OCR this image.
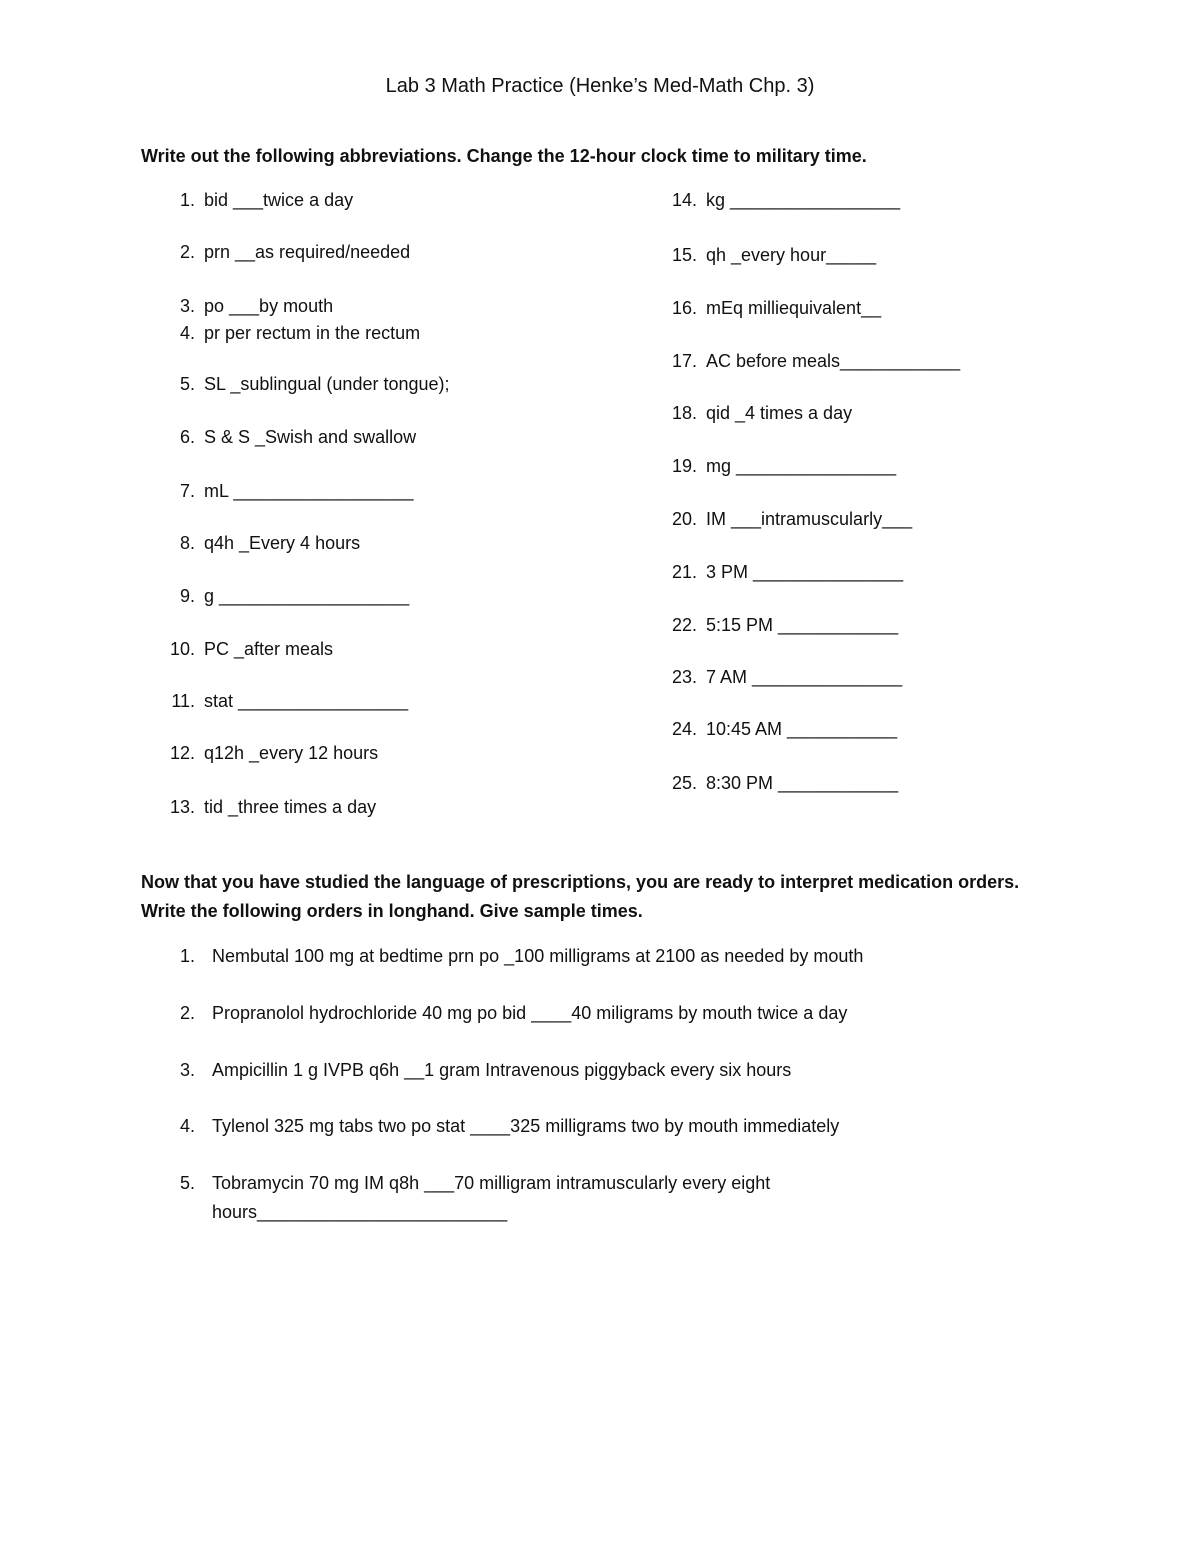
Lab 3 Math Practice (Henke’s Med-Math Chp. 3)
Write out the following abbreviations. Change the 12-hour clock time to military time.
1. bid ___twice a day
2. prn __as required/needed
3. po ___by mouth
4. pr per rectum in the rectum
5. SL _sublingual (under tongue);
6. S & S _Swish and swallow
7. mL __________________
8. q4h _Every 4 hours
9. g ___________________
10. PC _after meals
11. stat _________________
12. q12h _every 12 hours
13. tid _three times a day
14. kg _________________
15. qh _every hour_____
16. mEq milliequivalent__
17. AC before meals____________
18. qid _4 times a day
19. mg ________________
20. IM ___intramuscularly___
21. 3 PM _______________
22. 5:15 PM ____________
23. 7 AM _______________
24. 10:45 AM ___________
25. 8:30 PM ____________
Now that you have studied the language of prescriptions, you are ready to interpret medication orders. Write the following orders in longhand. Give sample times.
1. Nembutal 100 mg at bedtime prn po _100 milligrams at 2100 as needed by mouth
2. Propranolol hydrochloride 40 mg po bid ____40 miligrams by mouth twice a day
3. Ampicillin 1 g IVPB q6h __1 gram Intravenous piggyback every six hours
4. Tylenol 325 mg tabs two po stat ____325 milligrams two by mouth immediately
5. Tobramycin 70 mg IM q8h ___70 milligram intramuscularly every eight hours_________________________
